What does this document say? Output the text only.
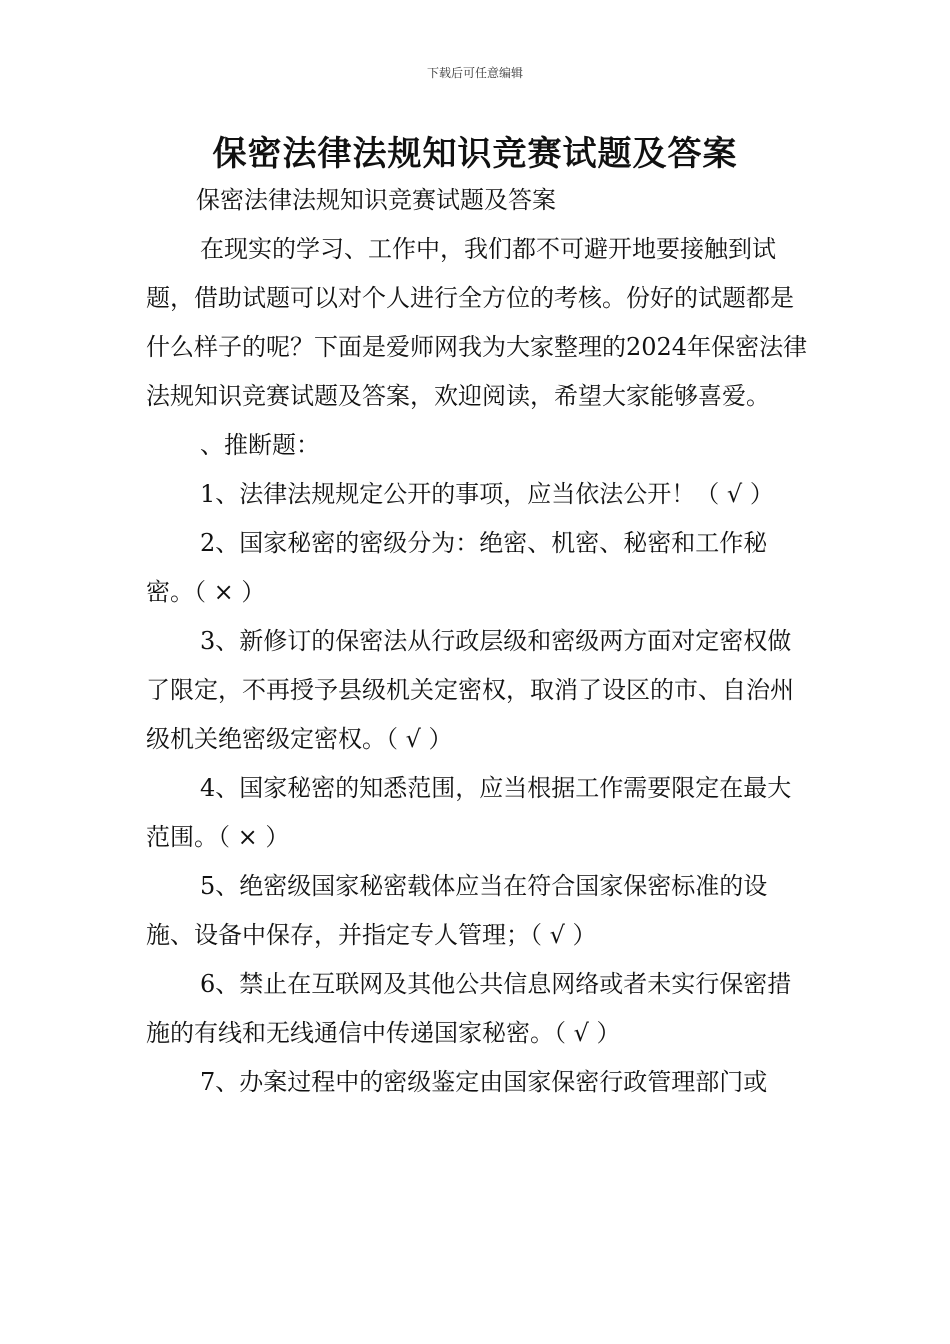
下载后可任意编辑
保密法律法规知识竞赛试题及答案

保密法律法规知识竞赛试题及答案

在现实的学习、工作中，我们都不可避开地要接触到试题，借助试题可以对个人进行全方位的考核。份好的试题都是什么样子的呢？下面是爱师网我为大家整理的2024年保密法律法规知识竞赛试题及答案，欢迎阅读，希望大家能够喜爱。

、推断题：

1、法律法规规定公开的事项，应当依法公开！（ √ ）

2、国家秘密的密级分为：绝密、机密、秘密和工作秘密。（ × ）

3、新修订的保密法从行政层级和密级两方面对定密权做了限定，不再授予县级机关定密权，取消了设区的市、自治州级机关绝密级定密权。（ √ ）

4、国家秘密的知悉范围，应当根据工作需要限定在最大范围。（ × ）

5、绝密级国家秘密载体应当在符合国家保密标准的设施、设备中保存，并指定专人管理；（ √ ）

6、禁止在互联网及其他公共信息网络或者未实行保密措施的有线和无线通信中传递国家秘密。（ √ ）

7、办案过程中的密级鉴定由国家保密行政管理部门或
